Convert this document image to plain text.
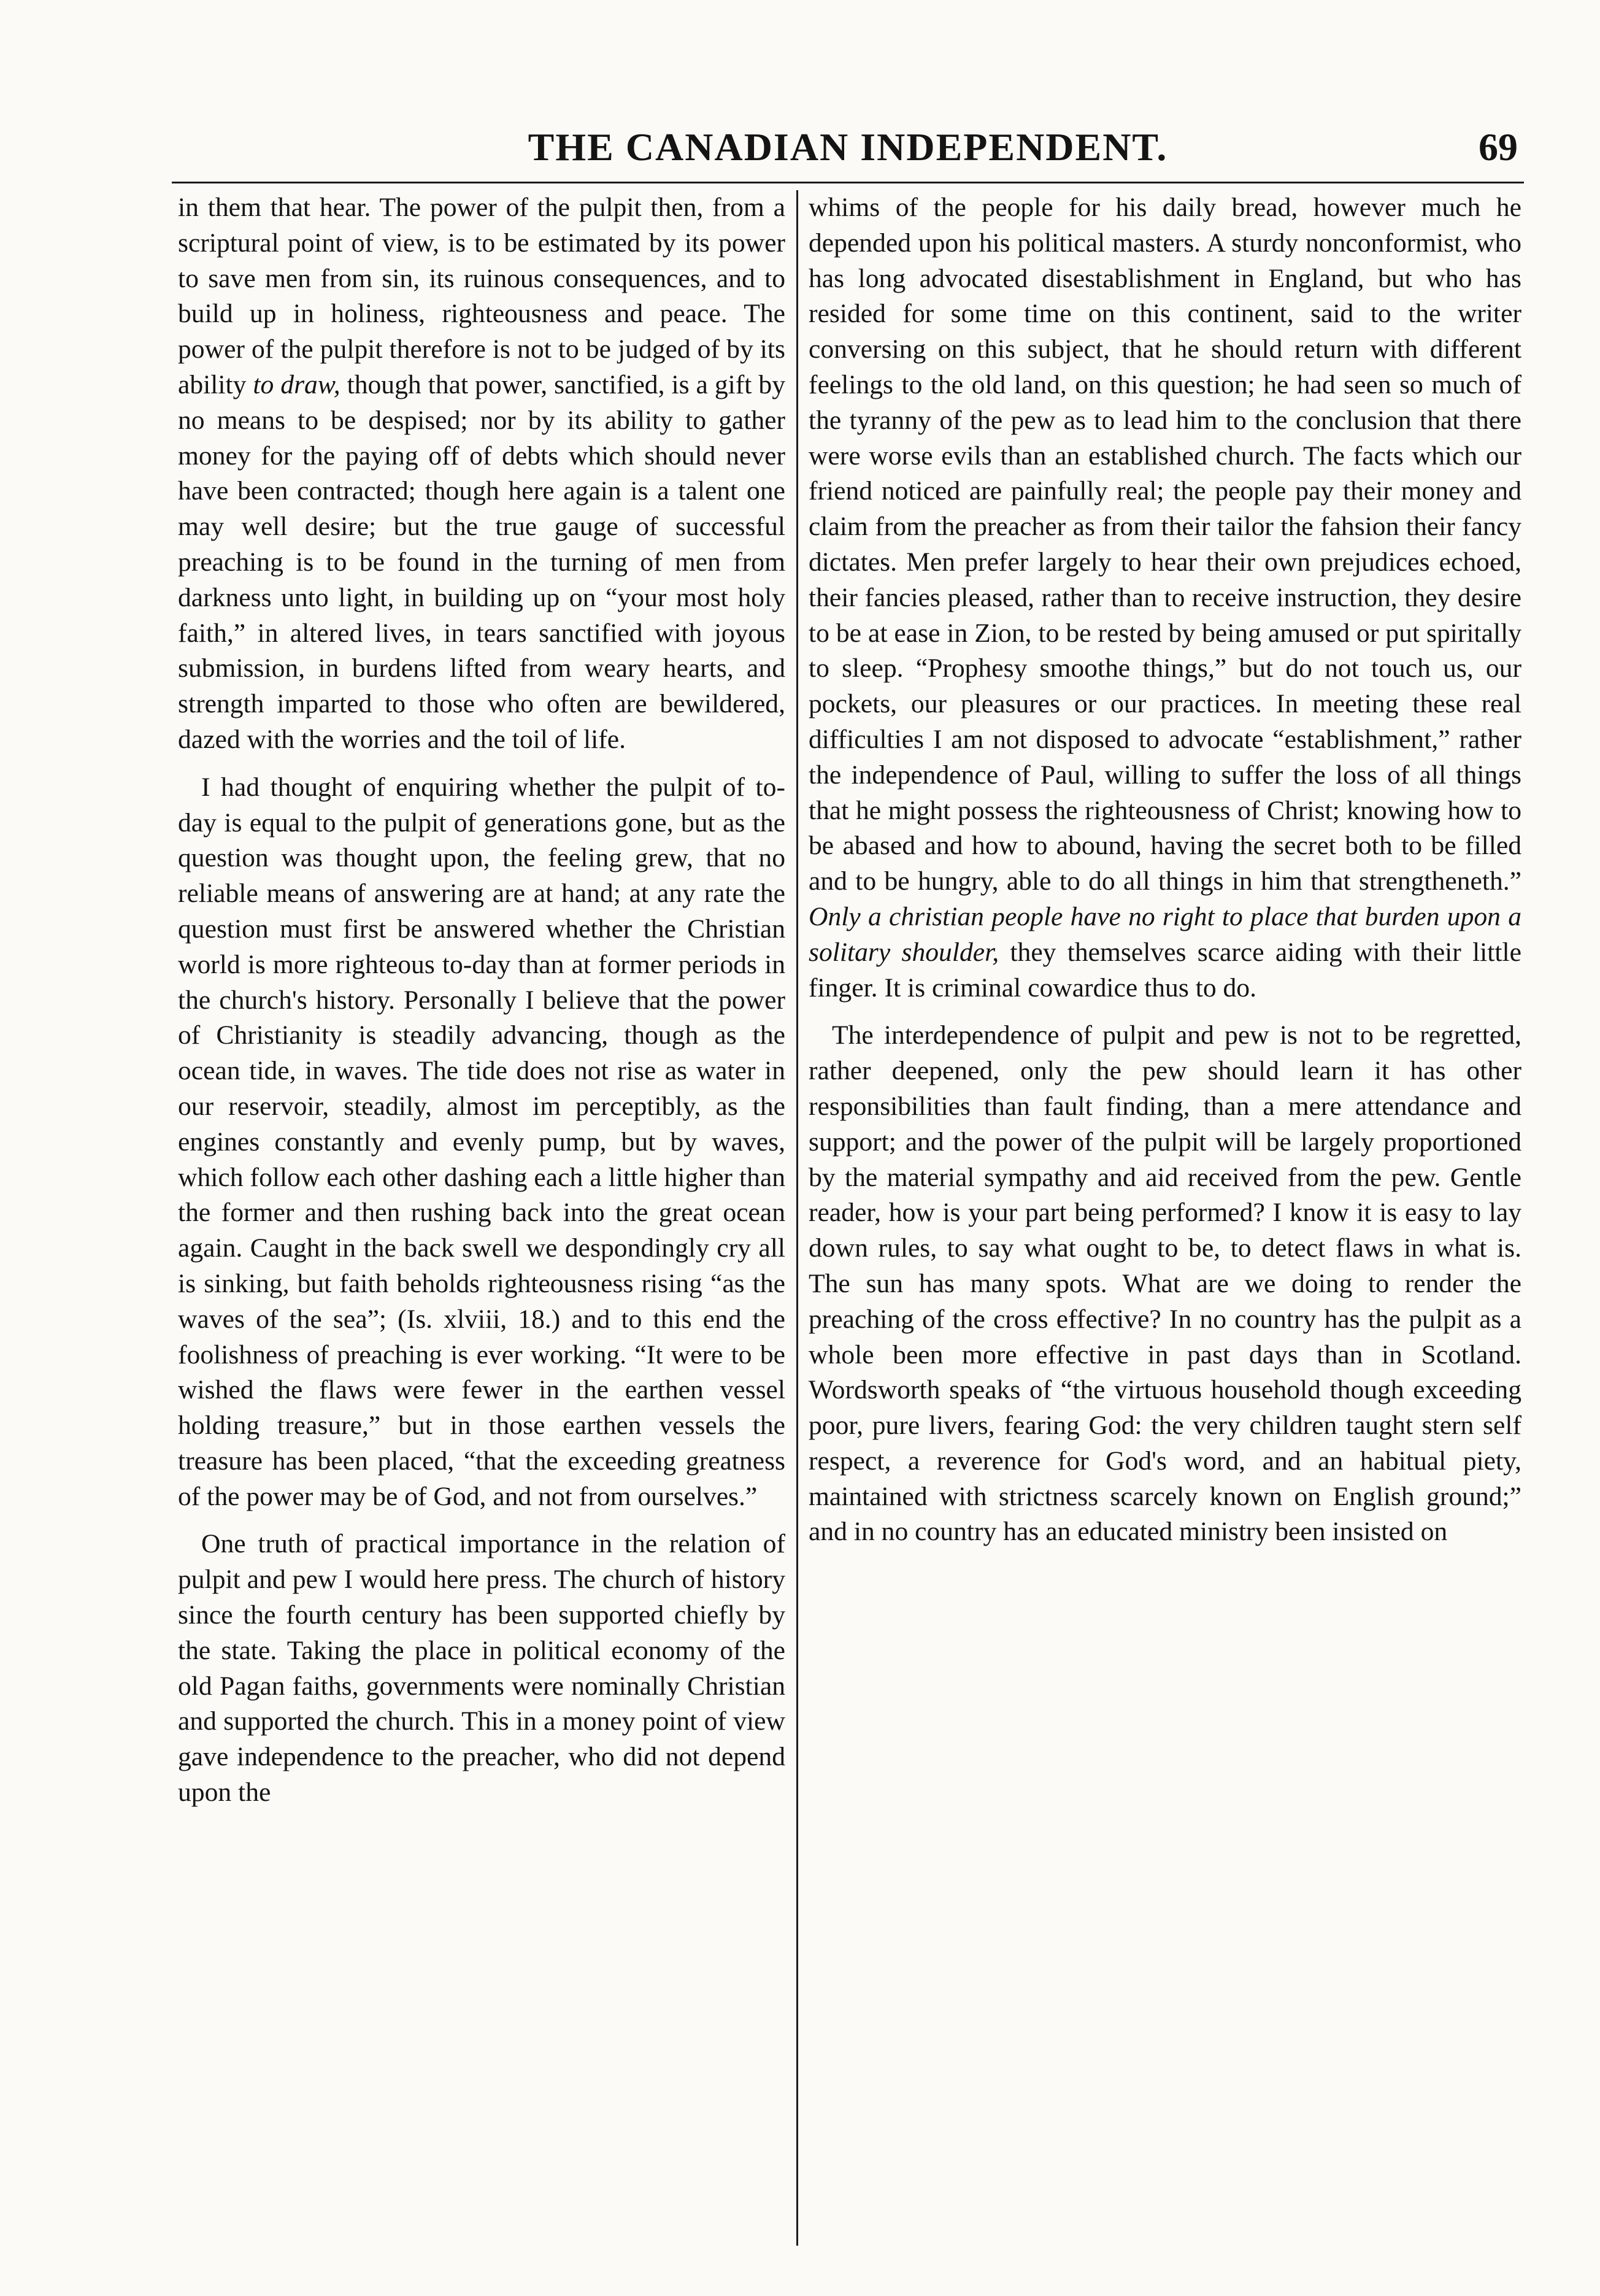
THE CANADIAN INDEPENDENT.	69

in them that hear. The power of the pulpit then, from a scriptural point of view, is to be estimated by its power to save men from sin, its ruinous consequences, and to build up in holiness, righteousness and peace. The power of the pulpit therefore is not to be judged of by its ability to draw, though that power, sanctified, is a gift by no means to be despised; nor by its ability to gather money for the paying off of debts which should never have been contracted; though here again is a talent one may well desire; but the true gauge of successful preaching is to be found in the turning of men from darkness unto light, in building up on “your most holy faith,” in altered lives, in tears sanctified with joyous submission, in burdens lifted from weary hearts, and strength imparted to those who often are bewildered, dazed with the worries and the toil of life.

I had thought of enquiring whether the pulpit of to-day is equal to the pulpit of generations gone, but as the question was thought upon, the feeling grew, that no reliable means of answering are at hand; at any rate the question must first be answered whether the Christian world is more righteous to-day than at former periods in the church's history. Personally I believe that the power of Christianity is steadily advancing, though as the ocean tide, in waves. The tide does not rise as water in our reservoir, steadily, almost im perceptibly, as the engines constantly and evenly pump, but by waves, which follow each other dashing each a little higher than the former and then rushing back into the great ocean again. Caught in the back swell we despondingly cry all is sinking, but faith beholds righteousness rising “as the waves of the sea”; (Is. xlviii, 18.) and to this end the foolishness of preaching is ever working. “It were to be wished the flaws were fewer in the earthen vessel holding treasure,” but in those earthen vessels the treasure has been placed, “that the exceeding greatness of the power may be of God, and not from ourselves.”

One truth of practical importance in the relation of pulpit and pew I would here press. The church of history since the fourth century has been supported chiefly by the state. Taking the place in political economy of the old Pagan faiths, governments were nominally Christian and supported the church. This in a money point of view gave independence to the preacher, who did not depend upon the

whims of the people for his daily bread, however much he depended upon his political masters. A sturdy nonconformist, who has long advocated disestablishment in England, but who has resided for some time on this continent, said to the writer conversing on this subject, that he should return with different feelings to the old land, on this question; he had seen so much of the tyranny of the pew as to lead him to the conclusion that there were worse evils than an established church. The facts which our friend noticed are painfully real; the people pay their money and claim from the preacher as from their tailor the fahsion their fancy dictates. Men prefer largely to hear their own prejudices echoed, their fancies pleased, rather than to receive instruction, they desire to be at ease in Zion, to be rested by being amused or put spiritally to sleep. “Prophesy smoothe things,” but do not touch us, our pockets, our pleasures or our practices. In meeting these real difficulties I am not disposed to advocate “establishment,” rather the independence of Paul, willing to suffer the loss of all things that he might possess the righteousness of Christ; knowing how to be abased and how to abound, having the secret both to be filled and to be hungry, able to do all things in him that strengtheneth.” Only a christian people have no right to place that burden upon a solitary shoulder, they themselves scarce aiding with their little finger. It is criminal cowardice thus to do.

The interdependence of pulpit and pew is not to be regretted, rather deepened, only the pew should learn it has other responsibilities than fault finding, than a mere attendance and support; and the power of the pulpit will be largely proportioned by the material sympathy and aid received from the pew. Gentle reader, how is your part being performed? I know it is easy to lay down rules, to say what ought to be, to detect flaws in what is. The sun has many spots. What are we doing to render the preaching of the cross effective? In no country has the pulpit as a whole been more effective in past days than in Scotland. Wordsworth speaks of “the virtuous household though exceeding poor, pure livers, fearing God: the very children taught stern self respect, a reverence for God's word, and an habitual piety, maintained with strictness scarcely known on English ground;” and in no country has an educated ministry been insisted on
